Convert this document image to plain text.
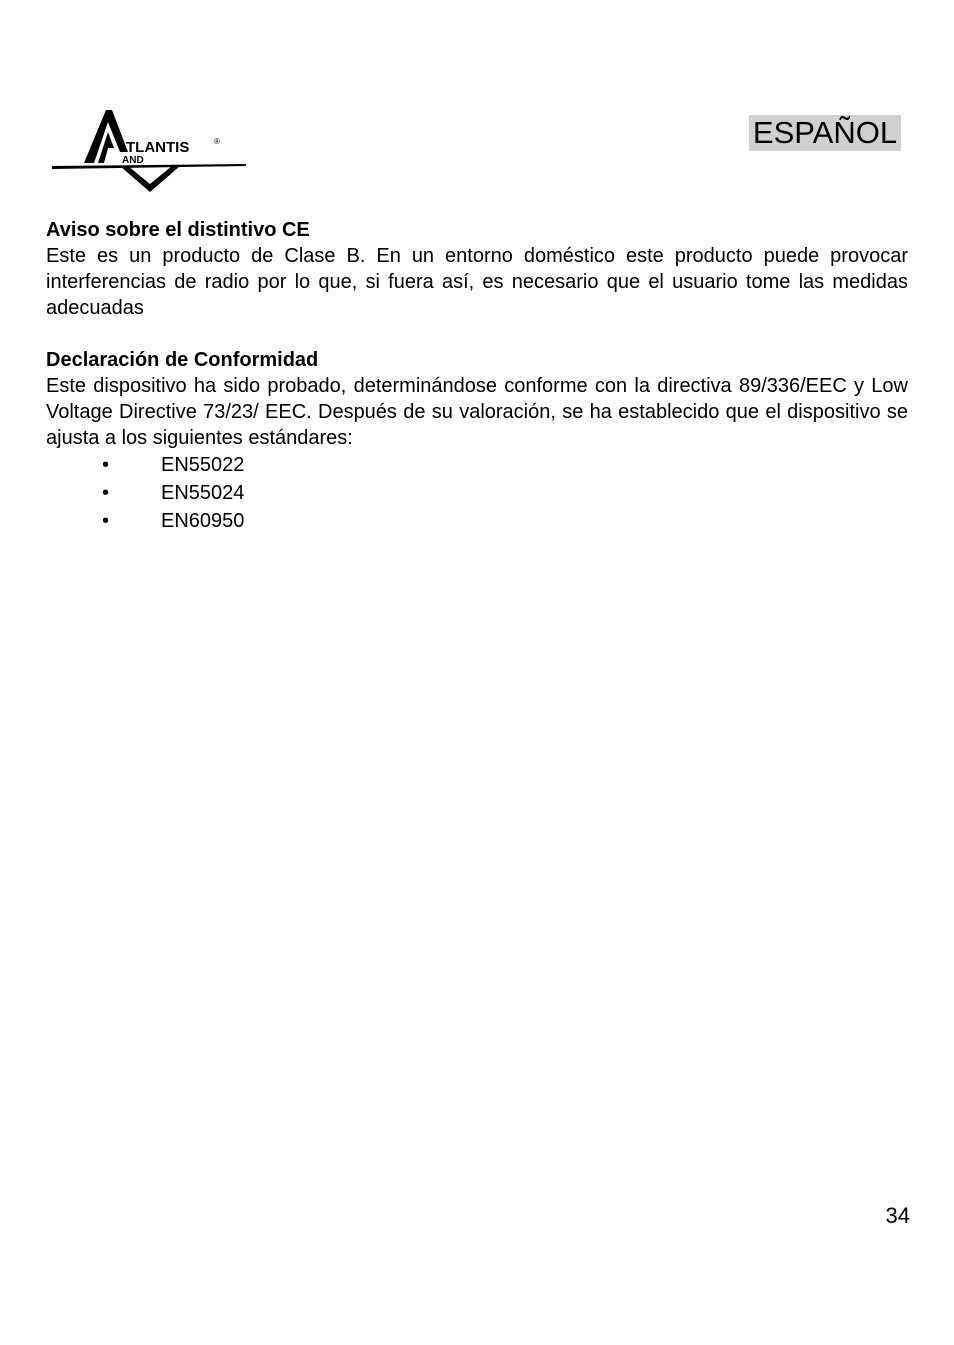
TLANTIS	®
AND
ESPAÑOL

Aviso sobre el distintivo CE

Este es un producto de Clase B. En un entorno doméstico este producto puede provocar interferencias de radio por lo que, si fuera así, es necesario que el usuario tome las medidas adecuadas

Declaración de Conformidad

Este dispositivo ha sido probado, determinándose conforme con la directiva 89/336/EEC y Low Voltage Directive 73/23/ EEC. Después de su valoración, se ha establecido que el dispositivo se ajusta a los siguientes estándares:

•	EN55022
•	EN55024
•	EN60950
34
